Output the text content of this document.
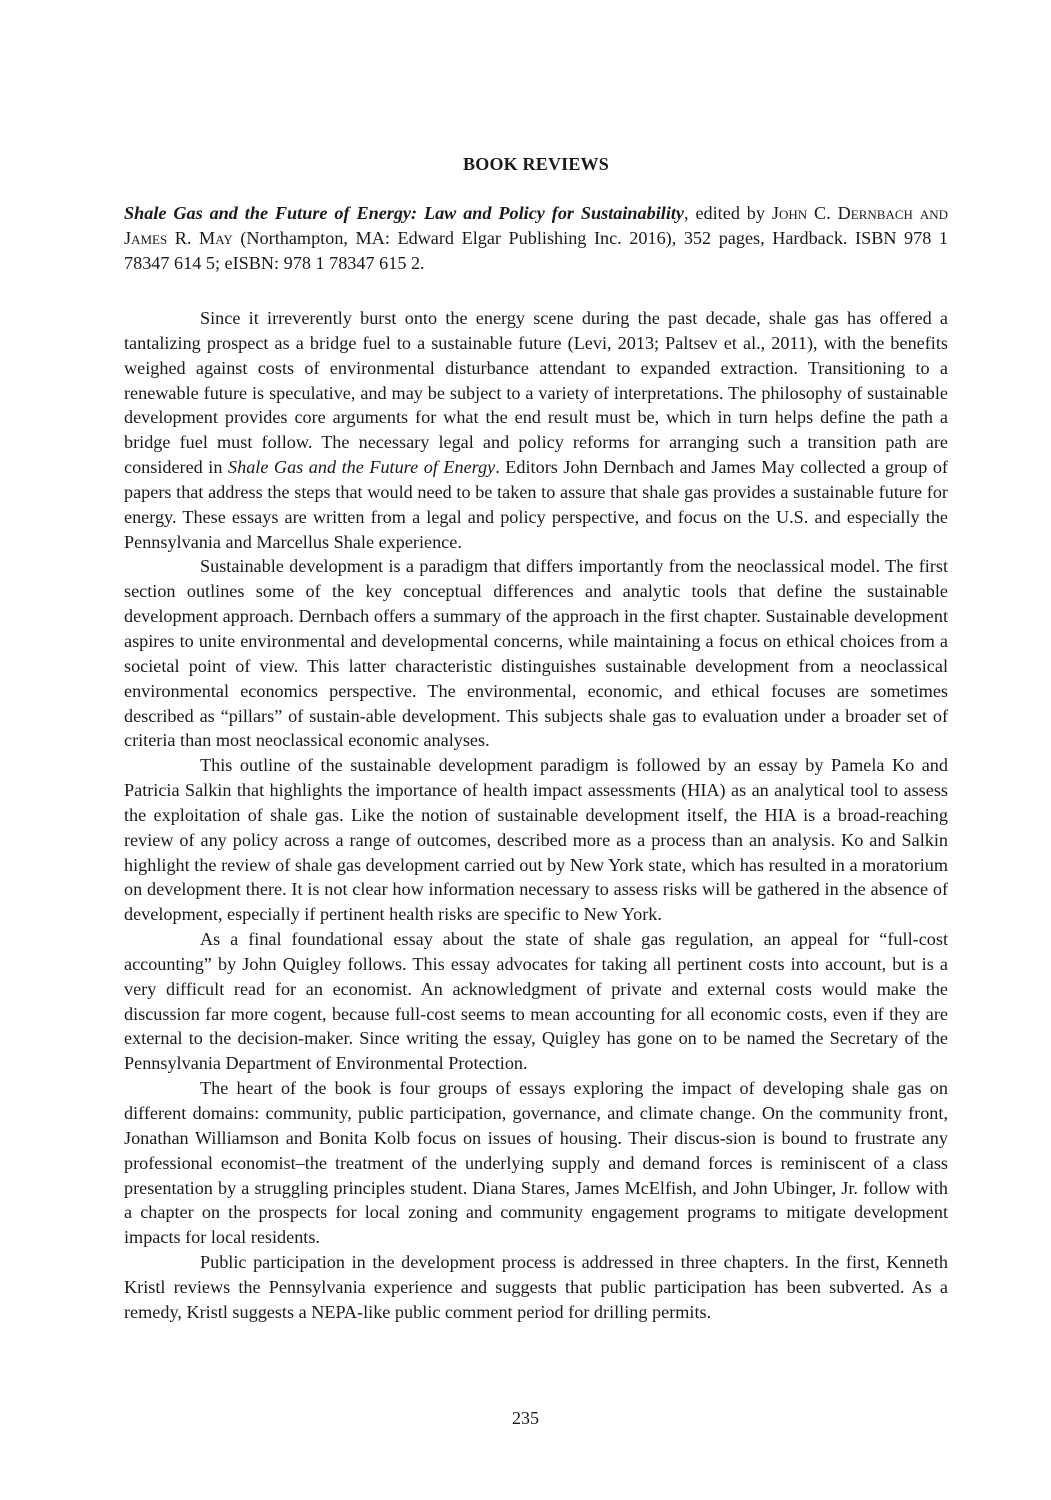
BOOK REVIEWS
Shale Gas and the Future of Energy: Law and Policy for Sustainability, edited by John C. Dernbach and James R. May (Northampton, MA: Edward Elgar Publishing Inc. 2016), 352 pages, Hardback. ISBN 978 1 78347 614 5; eISBN: 978 1 78347 615 2.

Since it irreverently burst onto the energy scene during the past decade, shale gas has offered a tantalizing prospect as a bridge fuel to a sustainable future (Levi, 2013; Paltsev et al., 2011), with the benefits weighed against costs of environmental disturbance attendant to expanded extraction. Transitioning to a renewable future is speculative, and may be subject to a variety of interpretations. The philosophy of sustainable development provides core arguments for what the end result must be, which in turn helps define the path a bridge fuel must follow. The necessary legal and policy reforms for arranging such a transition path are considered in Shale Gas and the Future of Energy. Editors John Dernbach and James May collected a group of papers that address the steps that would need to be taken to assure that shale gas provides a sustainable future for energy. These essays are written from a legal and policy perspective, and focus on the U.S. and especially the Pennsylvania and Marcellus Shale experience.

Sustainable development is a paradigm that differs importantly from the neoclassical model. The first section outlines some of the key conceptual differences and analytic tools that define the sustainable development approach. Dernbach offers a summary of the approach in the first chapter. Sustainable development aspires to unite environmental and developmental concerns, while maintaining a focus on ethical choices from a societal point of view. This latter characteristic distinguishes sustainable development from a neoclassical environmental economics perspective. The environmental, economic, and ethical focuses are sometimes described as “pillars” of sustain-able development. This subjects shale gas to evaluation under a broader set of criteria than most neoclassical economic analyses.

This outline of the sustainable development paradigm is followed by an essay by Pamela Ko and Patricia Salkin that highlights the importance of health impact assessments (HIA) as an analytical tool to assess the exploitation of shale gas. Like the notion of sustainable development itself, the HIA is a broad-reaching review of any policy across a range of outcomes, described more as a process than an analysis. Ko and Salkin highlight the review of shale gas development carried out by New York state, which has resulted in a moratorium on development there. It is not clear how information necessary to assess risks will be gathered in the absence of development, especially if pertinent health risks are specific to New York.

As a final foundational essay about the state of shale gas regulation, an appeal for “full-cost accounting” by John Quigley follows. This essay advocates for taking all pertinent costs into account, but is a very difficult read for an economist. An acknowledgment of private and external costs would make the discussion far more cogent, because full-cost seems to mean accounting for all economic costs, even if they are external to the decision-maker. Since writing the essay, Quigley has gone on to be named the Secretary of the Pennsylvania Department of Environmental Protection.

The heart of the book is four groups of essays exploring the impact of developing shale gas on different domains: community, public participation, governance, and climate change. On the community front, Jonathan Williamson and Bonita Kolb focus on issues of housing. Their discus-sion is bound to frustrate any professional economist–the treatment of the underlying supply and demand forces is reminiscent of a class presentation by a struggling principles student. Diana Stares, James McElfish, and John Ubinger, Jr. follow with a chapter on the prospects for local zoning and community engagement programs to mitigate development impacts for local residents.

Public participation in the development process is addressed in three chapters. In the first, Kenneth Kristl reviews the Pennsylvania experience and suggests that public participation has been subverted. As a remedy, Kristl suggests a NEPA-like public comment period for drilling permits.

235
